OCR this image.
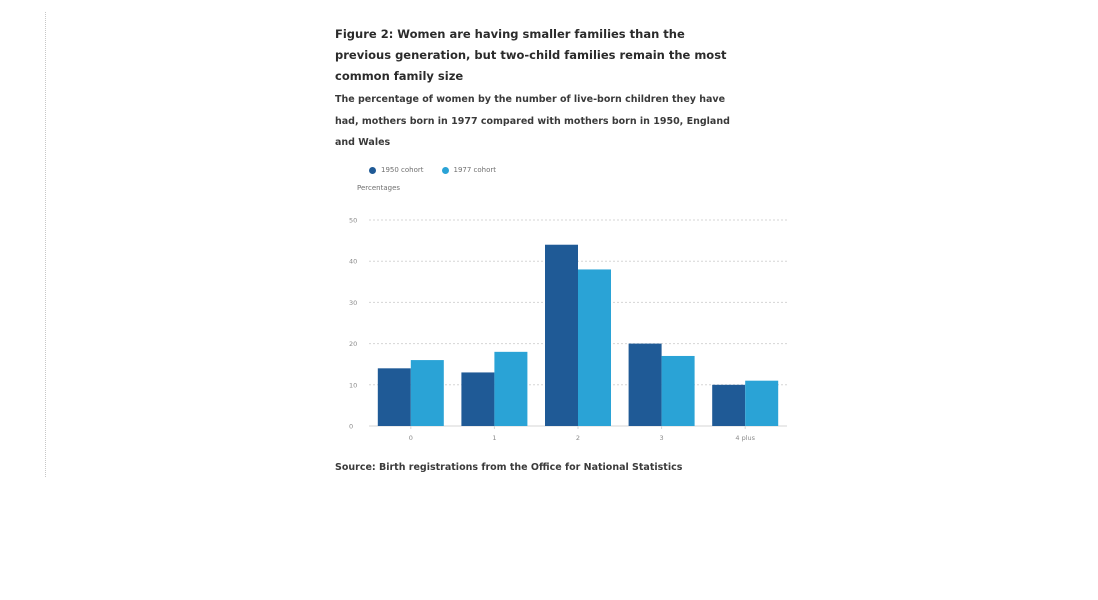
Figure 2: Women are having smaller families than the previous generation, but two-child families remain the most common family size

The percentage of women by the number of live-born children they have had, mothers born in 1977 compared with mothers born in 1950, England and Wales

1950 cohort	1977 cohort
Percentages
0
10
20
30
40
50
0	1	2	3	4 plus
Source: Birth registrations from the Office for National Statistics
